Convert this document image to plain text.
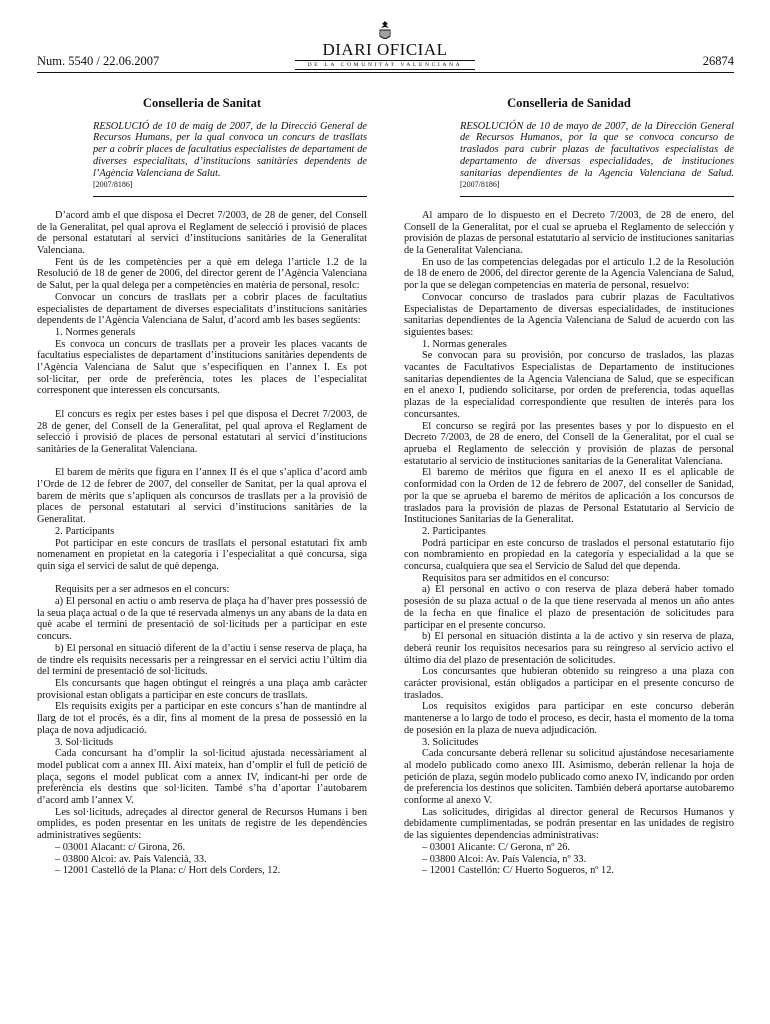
Num. 5540 / 22.06.2007
DIARI OFICIAL
DE LA COMUNITAT VALENCIANA	26874
Conselleria de Sanitat
RESOLUCIÓ de 10 de maig de 2007, de la Direcció General de Recursos Humans, per la qual convoca un concurs de trasllats per a cobrir places de facultatius especialistes de departament de diverses especialitats, d’institucions sanitàries dependents de l’Agència Valenciana de Salut.
[2007/8186]

D’acord amb el que disposa el Decret 7/2003, de 28 de gener, del Consell de la Generalitat, pel qual aprova el Reglament de selecció i provisió de places de personal estatutari al servici d’institucions sanitàries de la Generalitat Valenciana.

Fent ús de les competències per a què em delega l’article 1.2 de la Resolució de 18 de gener de 2006, del director gerent de l’Agència Valenciana de Salut, per la qual delega per a competències en matèria de personal, resolc:

Convocar un concurs de trasllats per a cobrir places de facultatius especialistes de departament de diverses especialitats d’institucions sanitàries dependents de l’Agència Valenciana de Salut, d’acord amb les bases següents:

1. Normes generals

Es convoca un concurs de trasllats per a proveir les places vacants de facultatius especialistes de departament d’institucions sanitàries dependents de l’Agència Valenciana de Salut que s’especifiquen en l’annex I. Es pot sol·licitar, per orde de preferència, totes les places de l’especialitat corresponent que interessen els concursants.

El concurs es regix per estes bases i pel que disposa el Decret 7/2003, de 28 de gener, del Consell de la Generalitat, pel qual aprova el Reglament de selecció i provisió de places de personal estatutari al servici d’institucions sanitàries de la Generalitat Valenciana.

El barem de mèrits que figura en l’annex II és el que s’aplica d’acord amb l’Orde de 12 de febrer de 2007, del conseller de Sanitat, per la qual aprova el barem de mèrits que s’apliquen als concursos de trasllats per a la provisió de places de personal estatutari al servici d’institucions sanitàries de la Generalitat.

2. Participants

Pot participar en este concurs de trasllats el personal estatutari fix amb nomenament en propietat en la categoria i l’especialitat a què concursa, siga quin siga el servici de salut de què depenga.

Requisits per a ser admesos en el concurs:

a) El personal en actiu o amb reserva de plaça ha d’haver pres possessió de la seua plaça actual o de la que té reservada almenys un any abans de la data en què acabe el termini de presentació de sol·licituds per a participar en este concurs.

b) El personal en situació diferent de la d’actiu i sense reserva de plaça, ha de tindre els requisits necessaris per a reingressar en el servici actiu l’últim dia del termini de presentació de sol·licituds.

Els concursants que hagen obtingut el reingrés a una plaça amb caràcter provisional estan obligats a participar en este concurs de trasllats.

Els requisits exigits per a participar en este concurs s’han de mantindre al llarg de tot el procés, és a dir, fins al moment de la presa de possessió en la plaça de nova adjudicació.

3. Sol·licituds

Cada concursant ha d’omplir la sol·licitud ajustada necessàriament al model publicat com a annex III. Així mateix, han d’omplir el full de petició de plaça, segons el model publicat com a annex IV, indicant-hi per orde de preferència els destins que sol·liciten. També s’ha d’aportar l’autobarem d’acord amb l’annex V.

Les sol·licituds, adreçades al director general de Recursos Humans i ben omplides, es poden presentar en les unitats de registre de les dependències administratives següents:

– 03001 Alacant: c/ Girona, 26.

– 03800 Alcoi: av. País Valencià, 33.

– 12001 Castelló de la Plana: c/ Hort dels Corders, 12.

Conselleria de Sanidad
RESOLUCIÓN de 10 de mayo de 2007, de la Dirección General de Recursos Humanos, por la que se convoca concurso de traslados para cubrir plazas de facultativos especialistas de departamento de diversas especialidades, de instituciones sanitarias dependientes de la Agencia Valenciana de Salud. [2007/8186]

Al amparo de lo dispuesto en el Decreto 7/2003, de 28 de enero, del Consell de la Generalitat, por el cual se aprueba el Reglamento de selección y provisión de plazas de personal estatutario al servicio de instituciones sanitarias de la Generalitat Valenciana.

En uso de las competencias delegadas por el artículo 1.2 de la Resolución de 18 de enero de 2006, del director gerente de la Agencia Valenciana de Salud, por la que se delegan competencias en materia de personal, resuelvo:

Convocar concurso de traslados para cubrir plazas de Facultativos Especialistas de Departamento de diversas especialidades, de instituciones sanitarias dependientes de la Agencia Valenciana de Salud de acuerdo con las siguientes bases:

1. Normas generales

Se convocan para su provisión, por concurso de traslados, las plazas vacantes de Facultativos Especialistas de Departamento de instituciones sanitarias dependientes de la Agencia Valenciana de Salud, que se especifican en el anexo I, pudiendo solicitarse, por orden de preferencia, todas aquellas plazas de la especialidad correspondiente que resulten de interés para los concursantes.

El concurso se regirá por las presentes bases y por lo dispuesto en el Decreto 7/2003, de 28 de enero, del Consell de la Generalitat, por el cual se aprueba el Reglamento de selección y provisión de plazas de personal estatutario al servicio de instituciones sanitarias de la Generalitat Valenciana.

El baremo de méritos que figura en el anexo II es el aplicable de conformidad con la Orden de 12 de febrero de 2007, del conseller de Sanidad, por la que se aprueba el baremo de méritos de aplicación a los concursos de traslados para la provisión de plazas de Personal Estatutario al Servicio de Instituciones Sanitarias de la Generalitat.

2. Participantes

Podrá participar en este concurso de traslados el personal estatutario fijo con nombramiento en propiedad en la categoría y especialidad a la que se concursa, cualquiera que sea el Servicio de Salud del que dependa.

Requisitos para ser admitidos en el concurso:

a) El personal en activo o con reserva de plaza deberá haber tomado posesión de su plaza actual o de la que tiene reservada al menos un año antes de la fecha en que finalice el plazo de presentación de solicitudes para participar en el presente concurso.

b) El personal en situación distinta a la de activo y sin reserva de plaza, deberá reunir los requisitos necesarios para su reingreso al servicio activo el último día del plazo de presentación de solicitudes.

Los concursantes que hubieran obtenido su reingreso a una plaza con carácter provisional, están obligados a participar en el presente concurso de traslados.

Los requisitos exigidos para participar en este concurso deberán mantenerse a lo largo de todo el proceso, es decir, hasta el momento de la toma de posesión en la plaza de nueva adjudicación.

3. Solicitudes

Cada concursante deberá rellenar su solicitud ajustándose necesariamente al modelo publicado como anexo III. Asimismo, deberán rellenar la hoja de petición de plaza, según modelo publicado como anexo IV, indicando por orden de preferencia los destinos que soliciten. También deberá aportarse autobaremo conforme al anexo V.

Las solicitudes, dirigidas al director general de Recursos Humanos y debidamente cumplimentadas, se podrán presentar en las unidades de registro de las siguientes dependencias administrativas:

– 03001 Alicante: C/ Gerona, nº 26.

– 03800 Alcoi: Av. País Valencia, nº 33.

– 12001 Castellón: C/ Huerto Sogueros, nº 12.
